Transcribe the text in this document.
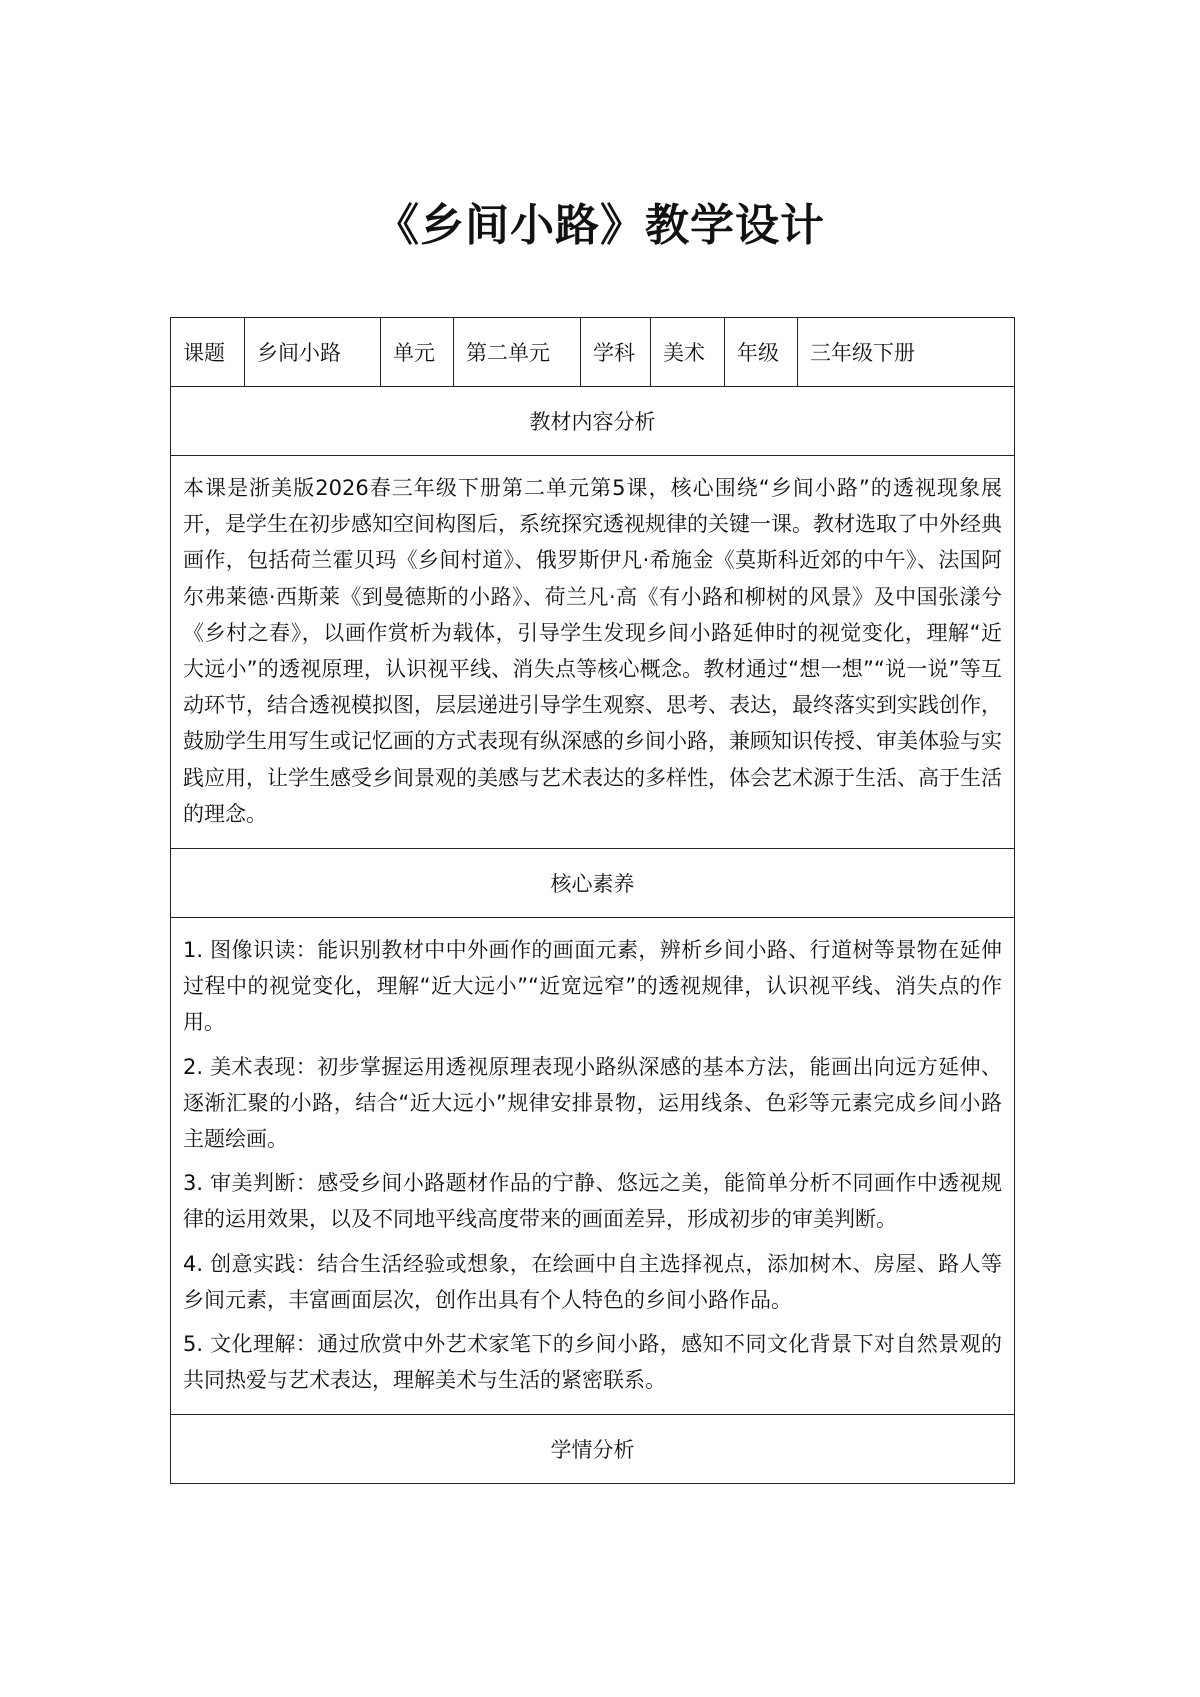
《乡间小路》教学设计
课题	乡间小路	单元	第二单元	学科	美术	年级	三年级下册
教材内容分析

本课是浙美版2026春三年级下册第二单元第5课，核心围绕“乡间小路”的透视现象展开，是学生在初步感知空间构图后，系统探究透视规律的关键一课。教材选取了中外经典画作，包括荷兰霍贝玛《乡间村道》、俄罗斯伊凡·希施金《莫斯科近郊的中午》、法国阿尔弗莱德·西斯莱《到曼德斯的小路》、荷兰凡·高《有小路和柳树的风景》及中国张漾兮《乡村之春》，以画作赏析为载体，引导学生发现乡间小路延伸时的视觉变化，理解“近大远小”的透视原理，认识视平线、消失点等核心概念。教材通过“想一想”“说一说”等互动环节，结合透视模拟图，层层递进引导学生观察、思考、表达，最终落实到实践创作，鼓励学生用写生或记忆画的方式表现有纵深感的乡间小路，兼顾知识传授、审美体验与实践应用，让学生感受乡间景观的美感与艺术表达的多样性，体会艺术源于生活、高于生活的理念。

核心素养

1. 图像识读：能识别教材中中外画作的画面元素，辨析乡间小路、行道树等景物在延伸过程中的视觉变化，理解“近大远小”“近宽远窄”的透视规律，认识视平线、消失点的作用。
2. 美术表现：初步掌握运用透视原理表现小路纵深感的基本方法，能画出向远方延伸、逐渐汇聚的小路，结合“近大远小”规律安排景物，运用线条、色彩等元素完成乡间小路主题绘画。
3. 审美判断：感受乡间小路题材作品的宁静、悠远之美，能简单分析不同画作中透视规律的运用效果，以及不同地平线高度带来的画面差异，形成初步的审美判断。
4. 创意实践：结合生活经验或想象，在绘画中自主选择视点，添加树木、房屋、路人等乡间元素，丰富画面层次，创作出具有个人特色的乡间小路作品。
5. 文化理解：通过欣赏中外艺术家笔下的乡间小路，感知不同文化背景下对自然景观的共同热爱与艺术表达，理解美术与生活的紧密联系。

学情分析
